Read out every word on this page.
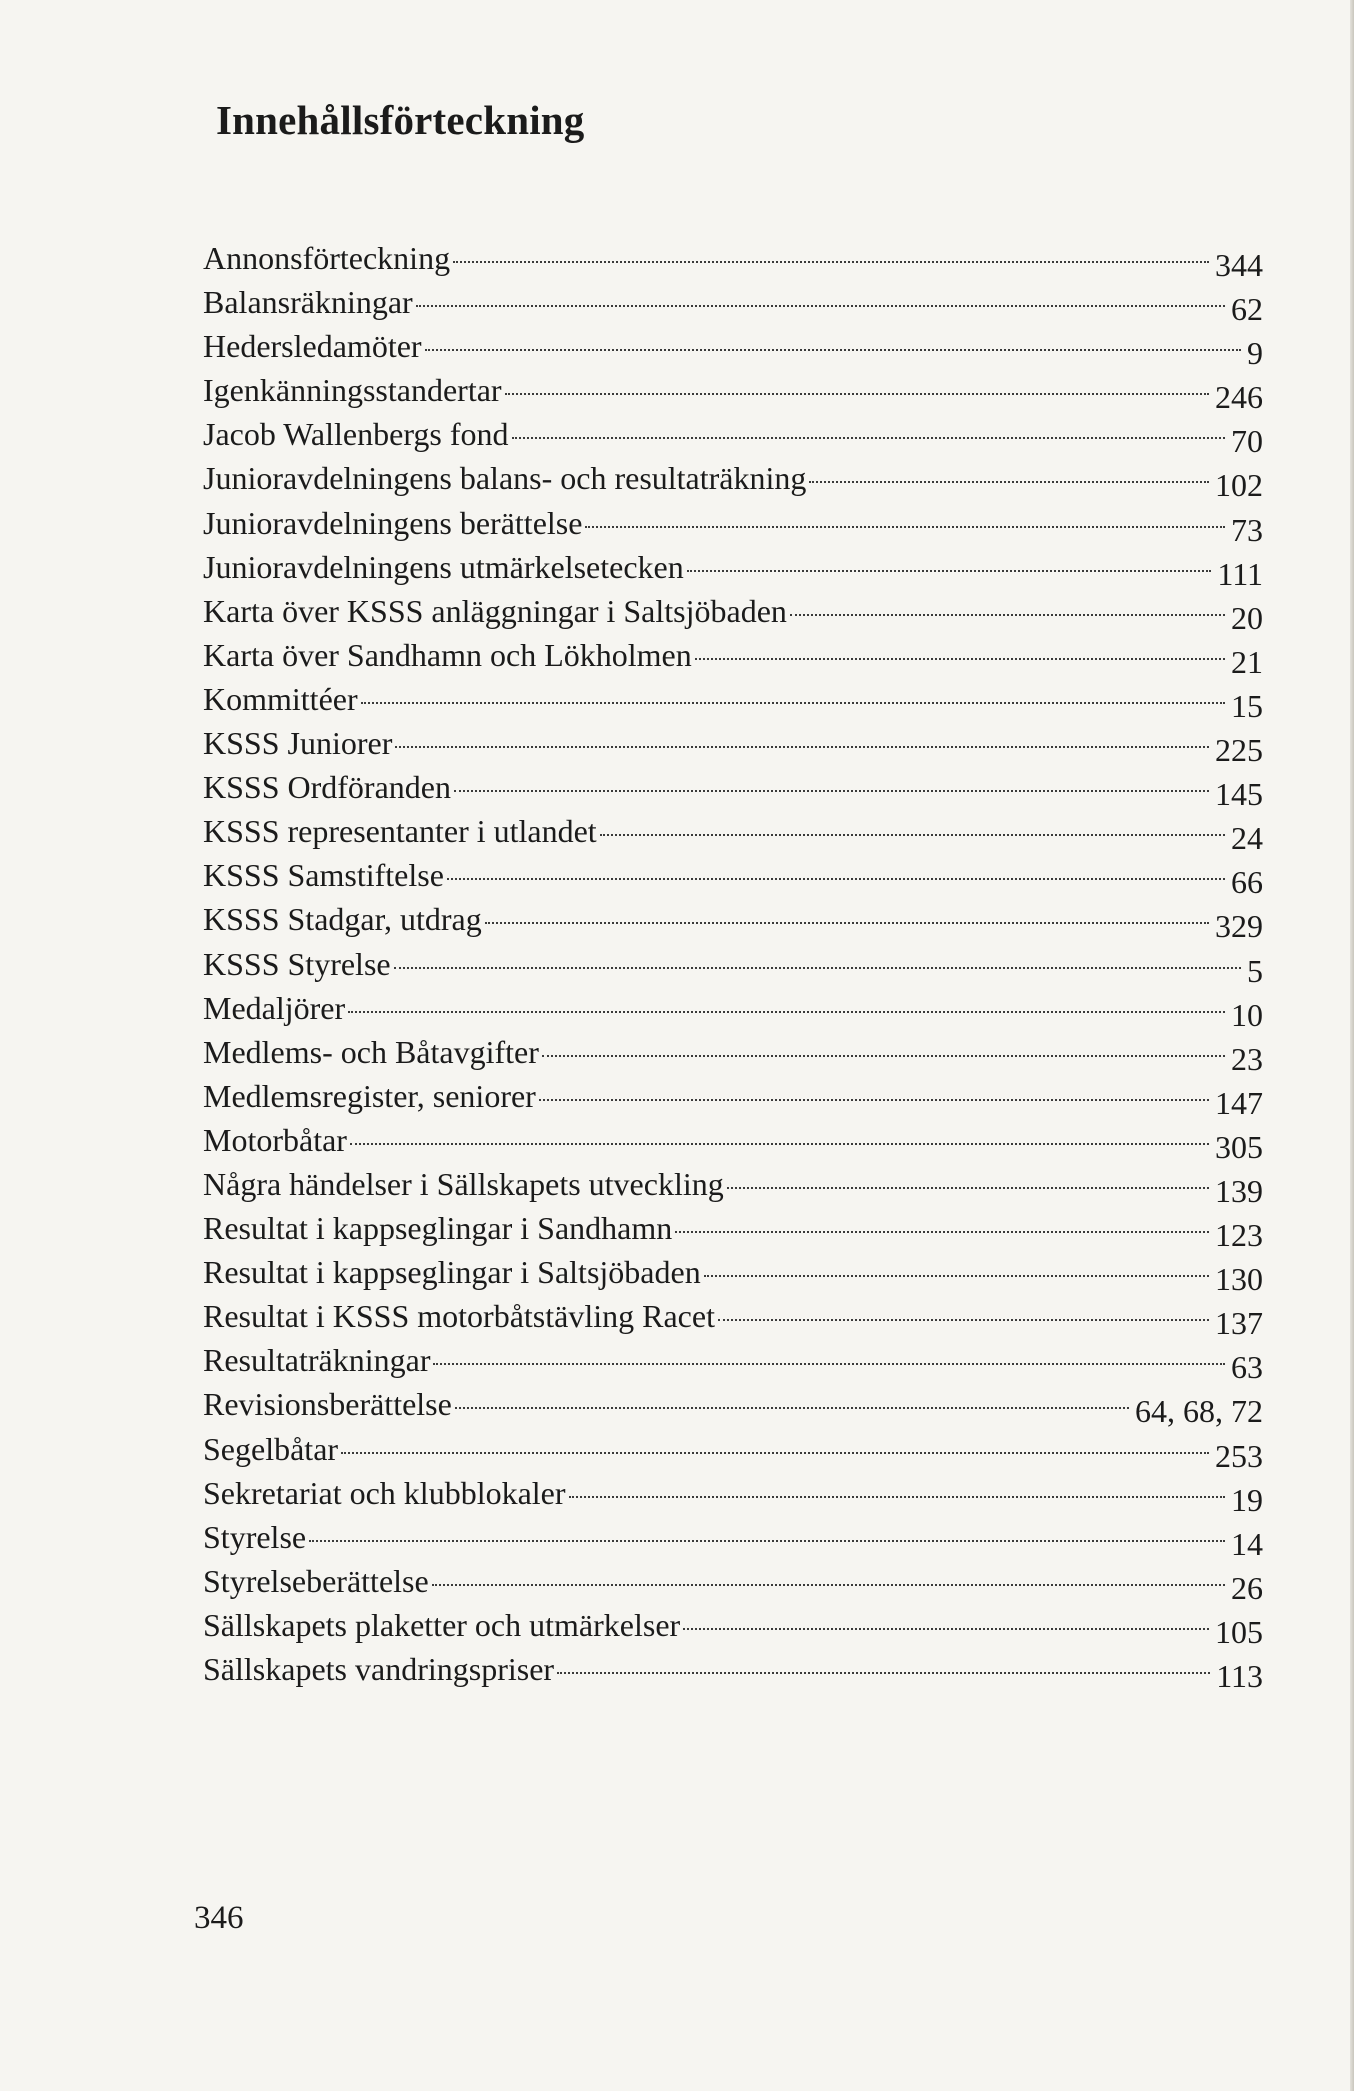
Innehållsförteckning
Annonsförteckning	344
Balansräkningar	62
Hedersledamöter	9
Igenkänningsstandertar	246
Jacob Wallenbergs fond	70
Junioravdelningens balans- och resultaträkning	102
Junioravdelningens berättelse	73
Junioravdelningens utmärkelsetecken	111
Karta över KSSS anläggningar i Saltsjöbaden	20
Karta över Sandhamn och Lökholmen	21
Kommittéer	15
KSSS Juniorer	225
KSSS Ordföranden	145
KSSS representanter i utlandet	24
KSSS Samstiftelse	66
KSSS Stadgar, utdrag	329
KSSS Styrelse	5
Medaljörer	10
Medlems- och Båtavgifter	23
Medlemsregister, seniorer	147
Motorbåtar	305
Några händelser i Sällskapets utveckling	139
Resultat i kappseglingar i Sandhamn	123
Resultat i kappseglingar i Saltsjöbaden	130
Resultat i KSSS motorbåtstävling Racet	137
Resultaträkningar	63
Revisionsberättelse	64, 68, 72
Segelbåtar	253
Sekretariat och klubblokaler	19
Styrelse	14
Styrelseberättelse	26
Sällskapets plaketter och utmärkelser	105
Sällskapets vandringspriser	113

346
